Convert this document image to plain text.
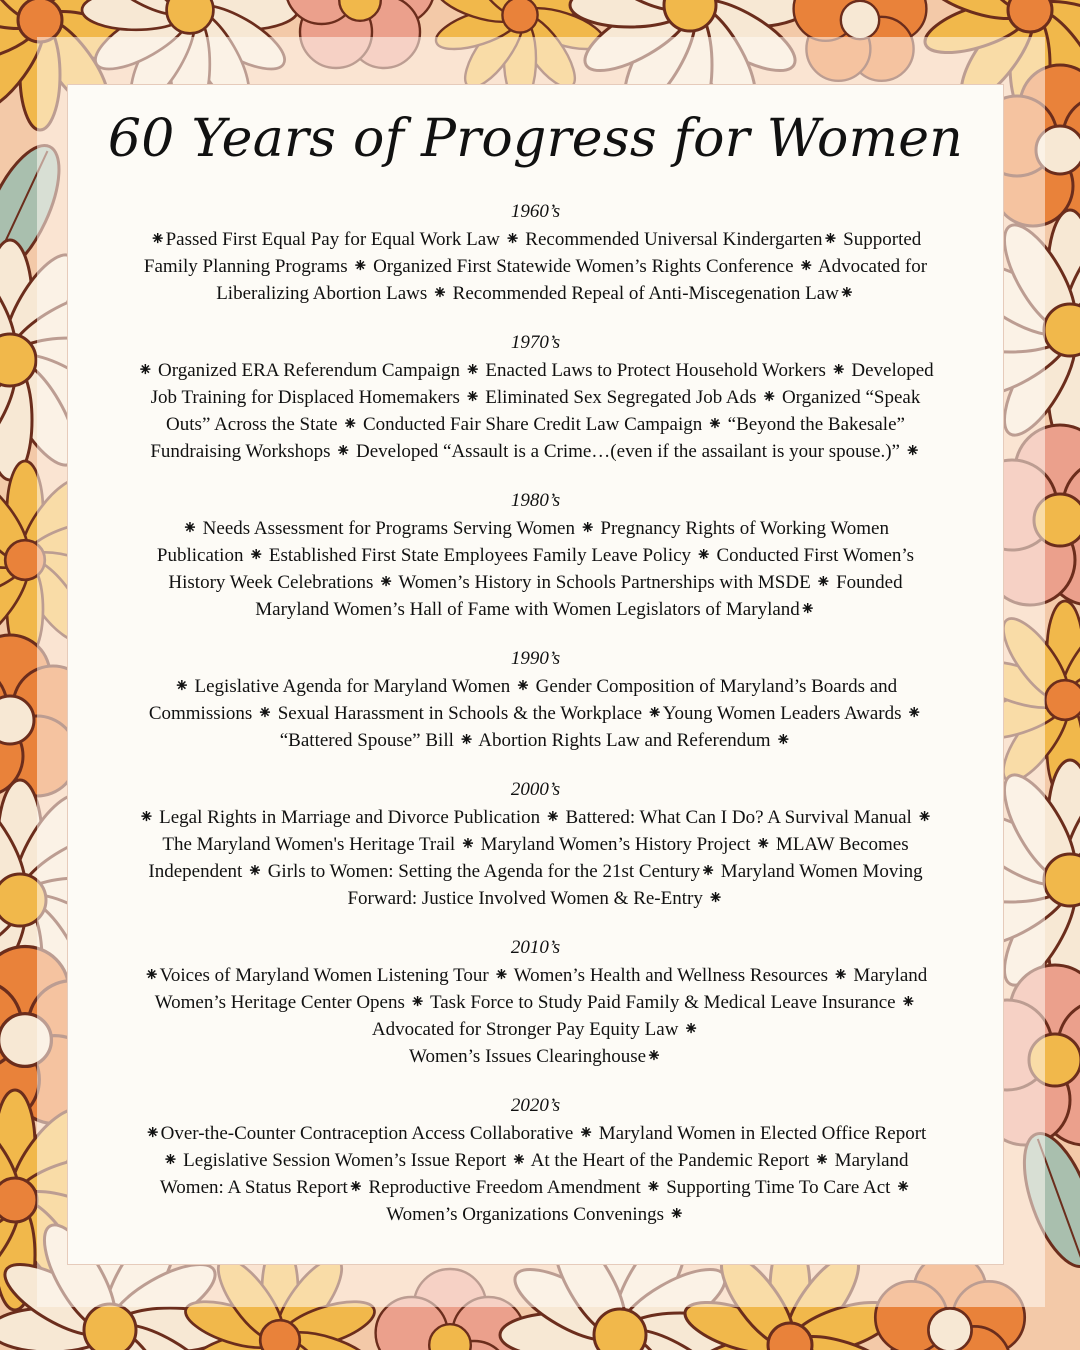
60 Years of Progress for Women

1960’s

⁕Passed First Equal Pay for Equal Work Law ⁕ Recommended Universal Kindergarten⁕ Supported
Family Planning Programs ⁕ Organized First Statewide Women’s Rights Conference ⁕ Advocated for
Liberalizing Abortion Laws ⁕ Recommended Repeal of Anti-Miscegenation Law⁕

1970’s

⁕ Organized ERA Referendum Campaign ⁕ Enacted Laws to Protect Household Workers ⁕ Developed
Job Training for Displaced Homemakers ⁕ Eliminated Sex Segregated Job Ads ⁕ Organized “Speak
Outs” Across the State ⁕ Conducted Fair Share Credit Law Campaign ⁕ “Beyond the Bakesale”
Fundraising Workshops ⁕ Developed “Assault is a Crime…(even if the assailant is your spouse.)” ⁕

1980’s

⁕ Needs Assessment for Programs Serving Women ⁕ Pregnancy Rights of Working Women
Publication ⁕ Established First State Employees Family Leave Policy ⁕ Conducted First Women’s
History Week Celebrations ⁕ Women’s History in Schools Partnerships with MSDE ⁕ Founded
Maryland Women’s Hall of Fame with Women Legislators of Maryland⁕

1990’s

⁕ Legislative Agenda for Maryland Women ⁕ Gender Composition of Maryland’s Boards and
Commissions ⁕ Sexual Harassment in Schools & the Workplace ⁕Young Women Leaders Awards ⁕
“Battered Spouse” Bill ⁕ Abortion Rights Law and Referendum ⁕

2000’s

⁕ Legal Rights in Marriage and Divorce Publication ⁕ Battered: What Can I Do? A Survival Manual ⁕
The Maryland Women's Heritage Trail ⁕ Maryland Women’s History Project ⁕ MLAW Becomes
Independent ⁕ Girls to Women: Setting the Agenda for the 21st Century⁕ Maryland Women Moving
Forward: Justice Involved Women & Re-Entry ⁕

2010’s

⁕Voices of Maryland Women Listening Tour ⁕ Women’s Health and Wellness Resources ⁕ Maryland
Women’s Heritage Center Opens ⁕ Task Force to Study Paid Family & Medical Leave Insurance ⁕
Advocated for Stronger Pay Equity Law ⁕
Women’s Issues Clearinghouse⁕

2020’s

⁕Over-the-Counter Contraception Access Collaborative ⁕ Maryland Women in Elected Office Report
⁕ Legislative Session Women’s Issue Report ⁕ At the Heart of the Pandemic Report ⁕ Maryland
Women: A Status Report⁕ Reproductive Freedom Amendment ⁕ Supporting Time To Care Act ⁕
Women’s Organizations Convenings ⁕
